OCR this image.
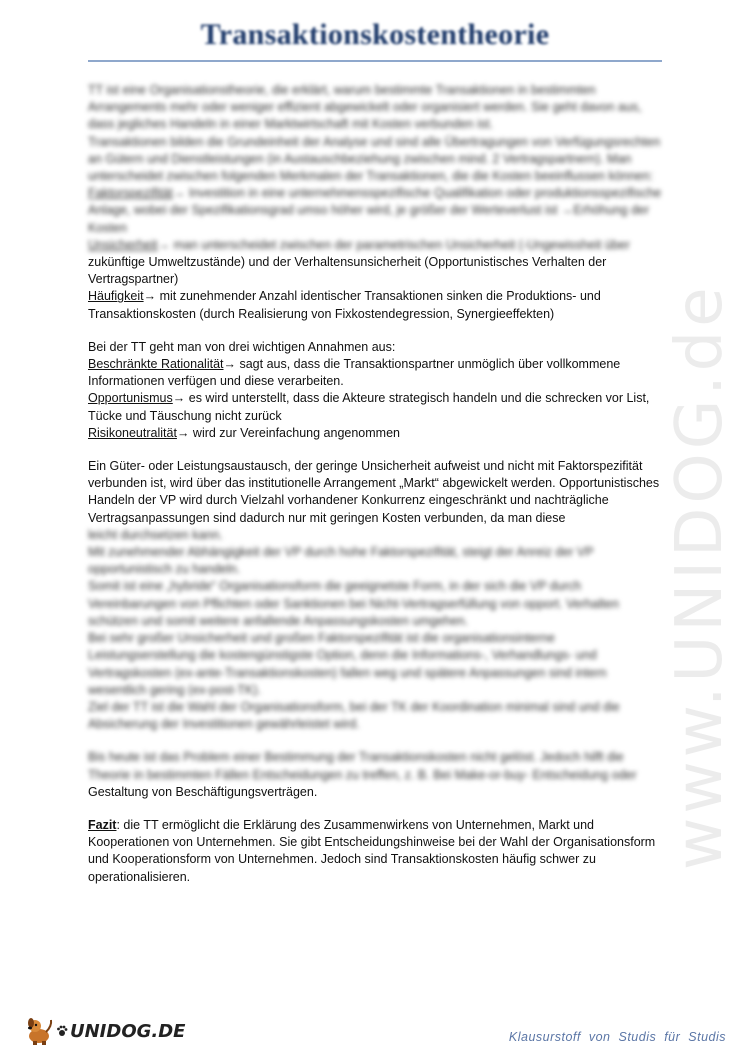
Transaktionskostentheorie

TT ist eine Organisationstheorie, die erklärt, warum bestimmte Transaktionen in bestimmten Arrangements mehr oder weniger effizient abgewickelt oder organisiert werden. Sie geht davon aus, dass jegliches Handeln in einer Marktwirtschaft mit Kosten verbunden ist.

Transaktionen bilden die Grundeinheit der Analyse und sind alle Übertragungen von Verfügungsrechten an Gütern und Dienstleistungen (in Austauschbeziehung zwischen mind. 2 Vertragspartnern). Man unterscheidet zwischen folgenden Merkmalen der Transaktionen, die die Kosten beeinflussen können:

Faktorspezifität→ Investition in eine unternehmensspezifische Qualifikation oder produktionsspezifische Anlage, wobei der Spezifikationsgrad umso höher wird, je größer der Werteverlust ist →Erhöhung der Kosten

Unsicherheit→ man unterscheidet zwischen der parametrischen Unsicherheit (-Ungewissheit über

zukünftige Umweltzustände) und der Verhaltensunsicherheit (Opportunistisches Verhalten der Vertragspartner)

Häufigkeit→ mit zunehmender Anzahl identischer Transaktionen sinken die Produktions- und Transaktionskosten (durch Realisierung von Fixkostendegression, Synergieeffekten)

Bei der TT geht man von drei wichtigen Annahmen aus:

Beschränkte Rationalität→ sagt aus, dass die Transaktionspartner unmöglich über vollkommene Informationen verfügen und diese verarbeiten.

Opportunismus→ es wird unterstellt, dass die Akteure strategisch handeln und die schrecken vor List, Tücke und Täuschung nicht zurück

Risikoneutralität→ wird zur Vereinfachung angenommen

Ein Güter- oder Leistungsaustausch, der geringe Unsicherheit aufweist und nicht mit Faktorspezifität verbunden ist, wird über das institutionelle Arrangement „Markt“ abgewickelt werden. Opportunistisches Handeln der VP wird durch Vielzahl vorhandener Konkurrenz eingeschränkt und nachträgliche Vertragsanpassungen sind dadurch nur mit geringen Kosten verbunden, da man diese

leicht durchsetzen kann.

Mit zunehmender Abhängigkeit der VP durch hohe Faktorspezifität, steigt der Anreiz der VP opportunistisch zu handeln.

Somit ist eine „hybride“ Organisationsform die geeignetste Form, in der sich die VP durch Vereinbarungen von Pflichten oder Sanktionen bei Nicht-Vertragserfüllung von opport. Verhalten schützen und somit weitere anfallende Anpassungskosten umgehen.

Bei sehr großer Unsicherheit und großen Faktorspezifität ist die organisationsinterne Leistungserstellung die kostengünstigste Option, denn die Informations-, Verhandlungs- und Vertragskosten (ex-ante-Transaktionskosten) fallen weg und spätere Anpassungen sind intern wesentlich gering (ex-post-TK).

Ziel der TT ist die Wahl der Organisationsform, bei der TK der Koordination minimal sind und die Absicherung der Investitionen gewährleistet wird.

Bis heute ist das Problem einer Bestimmung der Transaktionskosten nicht gelöst. Jedoch hilft die Theorie in bestimmten Fällen Entscheidungen zu treffen, z. B. Bei Make-or-buy- Entscheidung oder

Gestaltung von Beschäftigungsverträgen.

Fazit: die TT ermöglicht die Erklärung des Zusammenwirkens von Unternehmen, Markt und Kooperationen von Unternehmen. Sie gibt Entscheidungshinweise bei der Wahl der Organisationsform und Kooperationsform von Unternehmen. Jedoch sind Transaktionskosten häufig schwer zu operationalisieren.

www.UNIDOG.de
UNIDOG.DE	Klausurstoff von Studis für Studis
